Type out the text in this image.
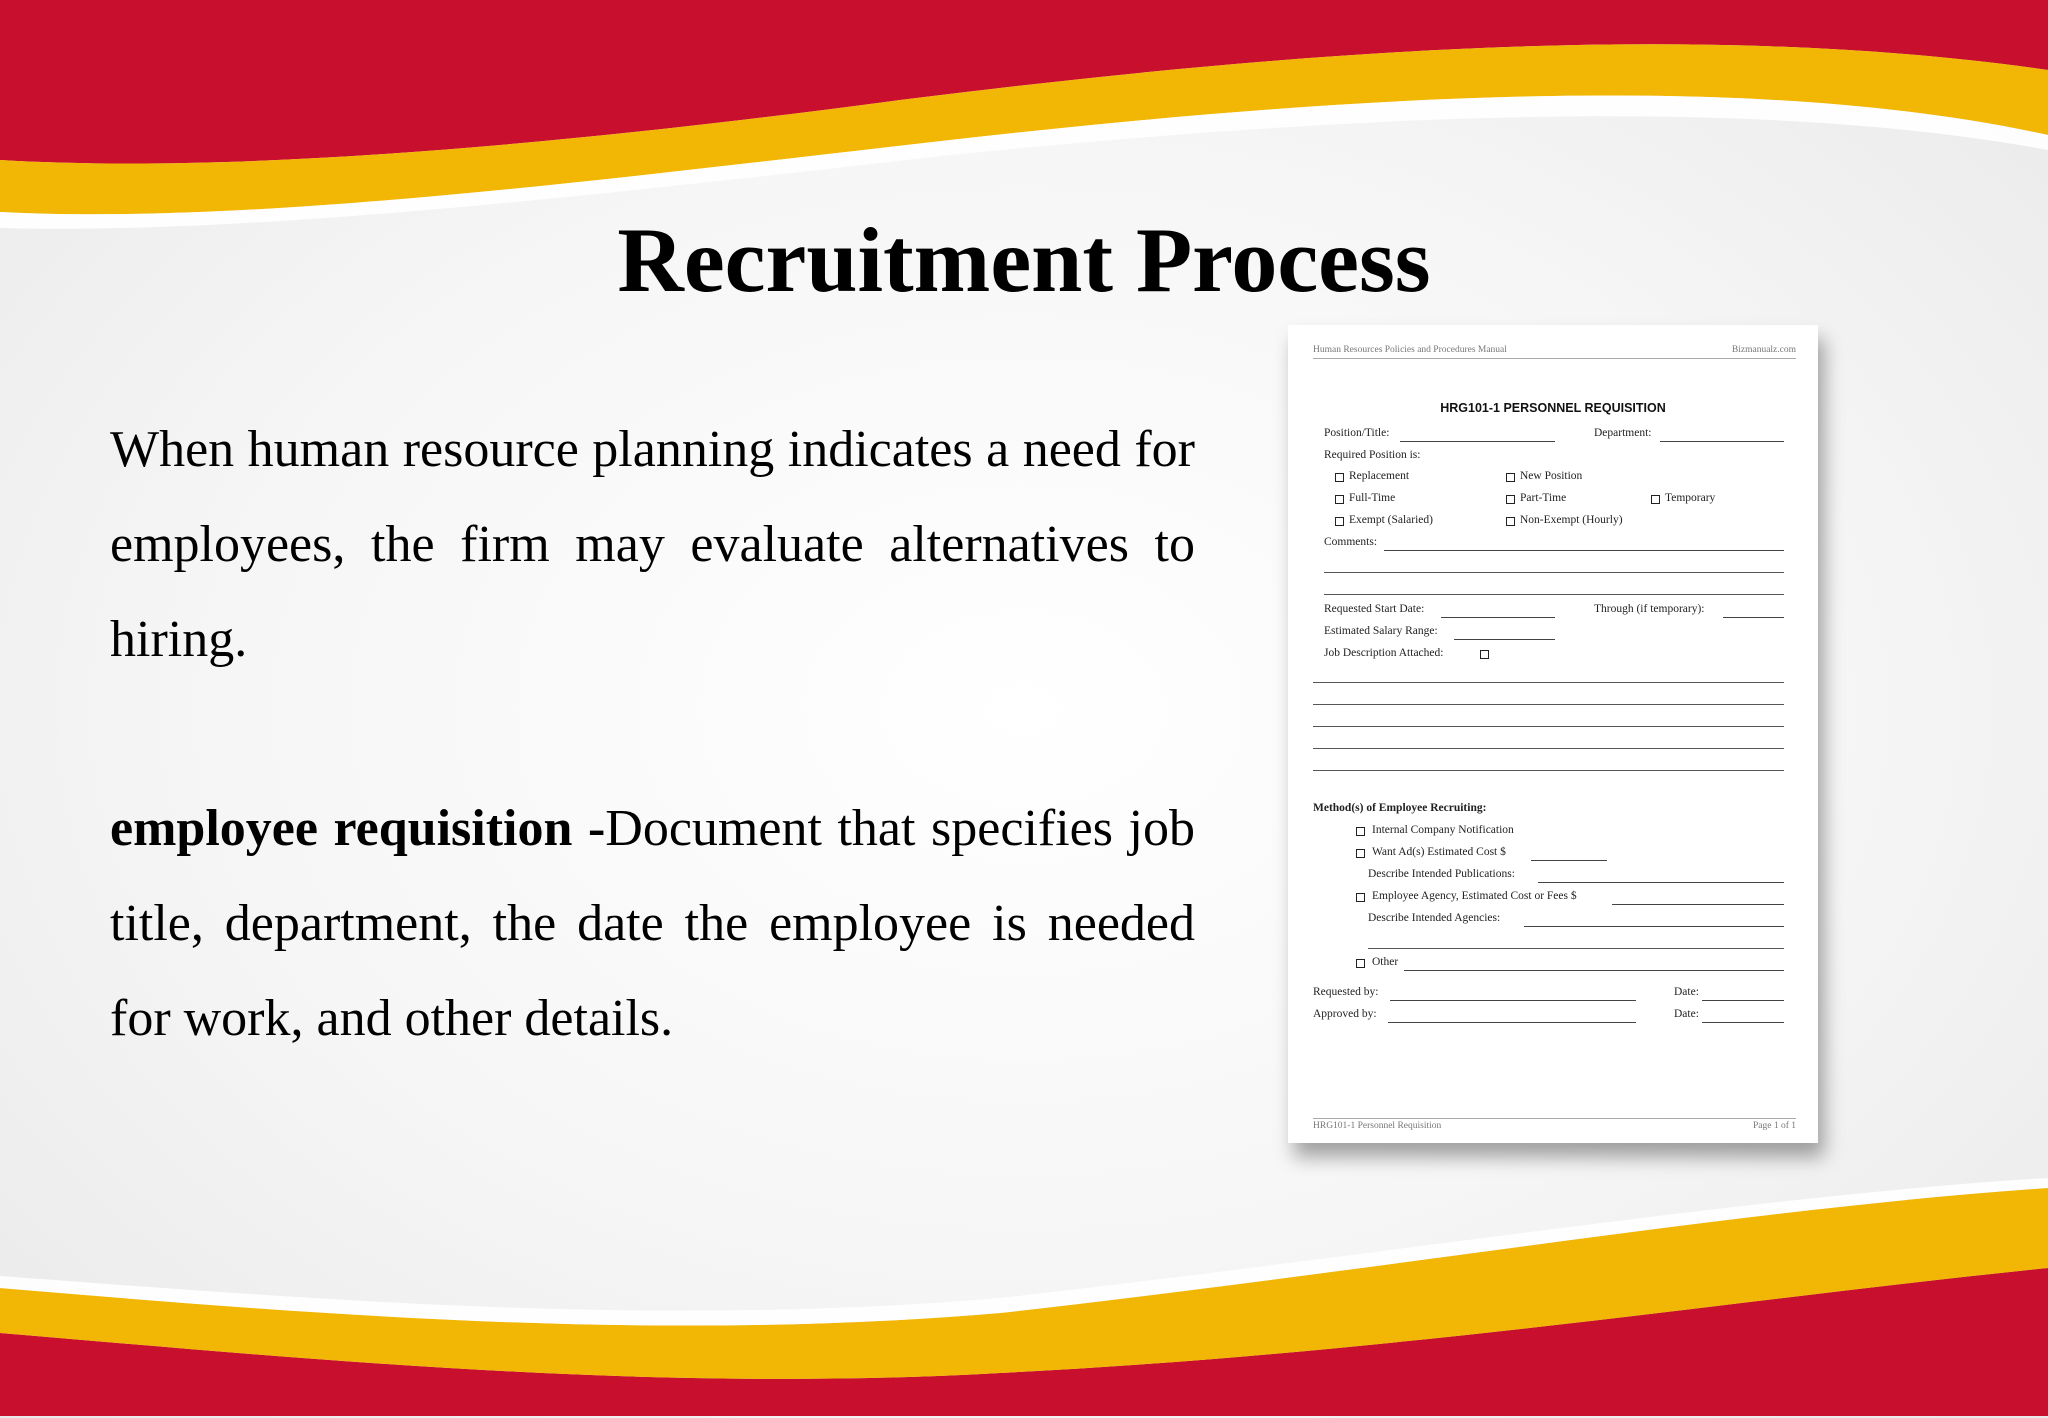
Recruitment Process

When human resource planning indicates a need for employees, the firm may evaluate alternatives to hiring.

employee requisition -Document that specifies job title, department, the date the employee is needed for work, and other details.

Human Resources Policies and Procedures Manual	Bizmanualz.com
HRG101-1 PERSONNEL REQUISITION
Position/Title:	Department:
Required Position is:
Replacement	New Position
Full-Time	Part-Time	Temporary
Exempt (Salaried)	Non-Exempt (Hourly)
Comments:
Requested Start Date:	Through (if temporary):
Estimated Salary Range:
Job Description Attached:
Method(s) of Employee Recruiting:
Internal Company Notification
Want Ad(s) Estimated Cost $
Describe Intended Publications:
Employee Agency, Estimated Cost or Fees $
Describe Intended Agencies:
Other
Requested by:	Date:
Approved by:	Date:
HRG101-1 Personnel Requisition	Page 1 of 1
